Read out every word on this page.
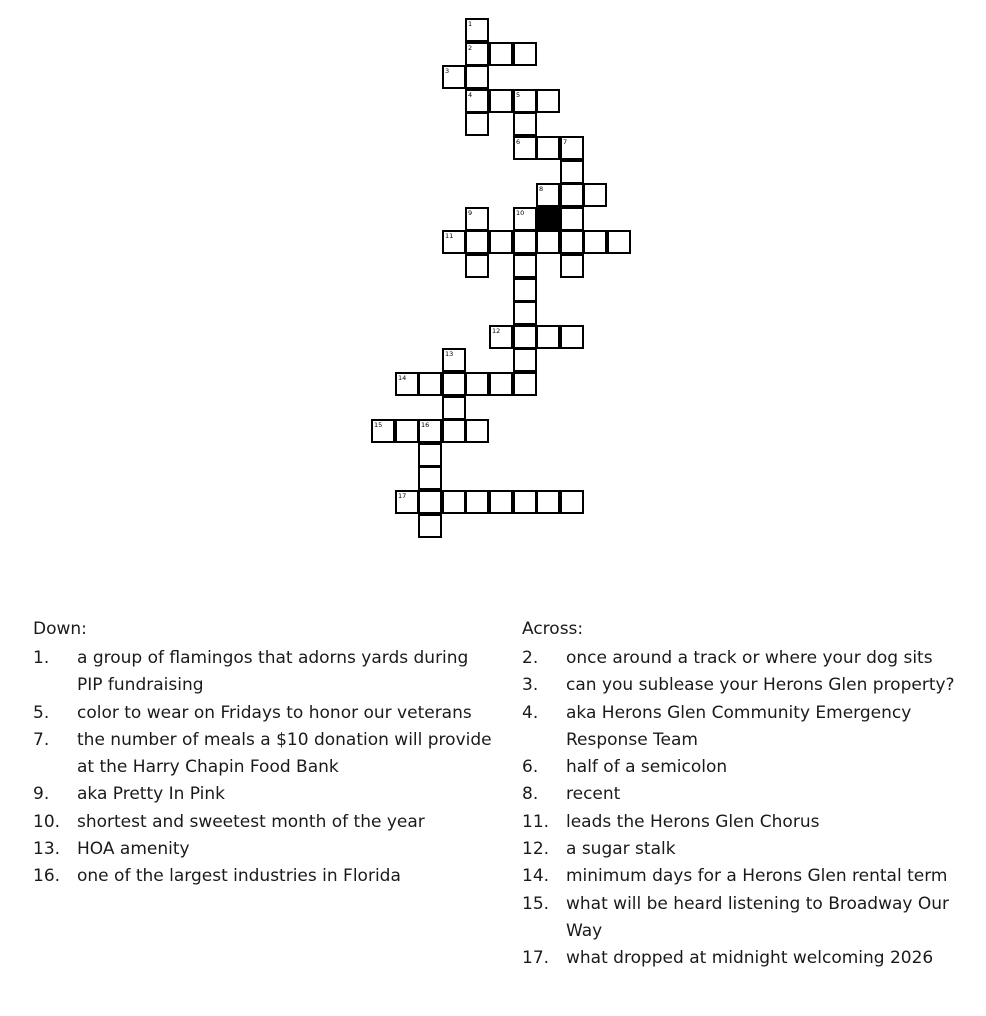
1
2
3
4	5
6	7
8
9	10
11
12
13
14
15	16
17
Down:
1.	a group of flamingos that adorns yards during PIP fundraising
5.	color to wear on Fridays to honor our veterans
7.	the number of meals a $10 donation will provide at the Harry Chapin Food Bank
9.	aka Pretty In Pink
10. shortest and sweetest month of the year
13. HOA amenity
16. one of the largest industries in Florida
Across:
2.	once around a track or where your dog sits
3.	can you sublease your Herons Glen property?
4.	aka Herons Glen Community Emergency Response Team
6.	half of a semicolon
8.	recent
11. leads the Herons Glen Chorus
12. a sugar stalk
14. minimum days for a Herons Glen rental term
15. what will be heard listening to Broadway Our Way
17. what dropped at midnight welcoming 2026
